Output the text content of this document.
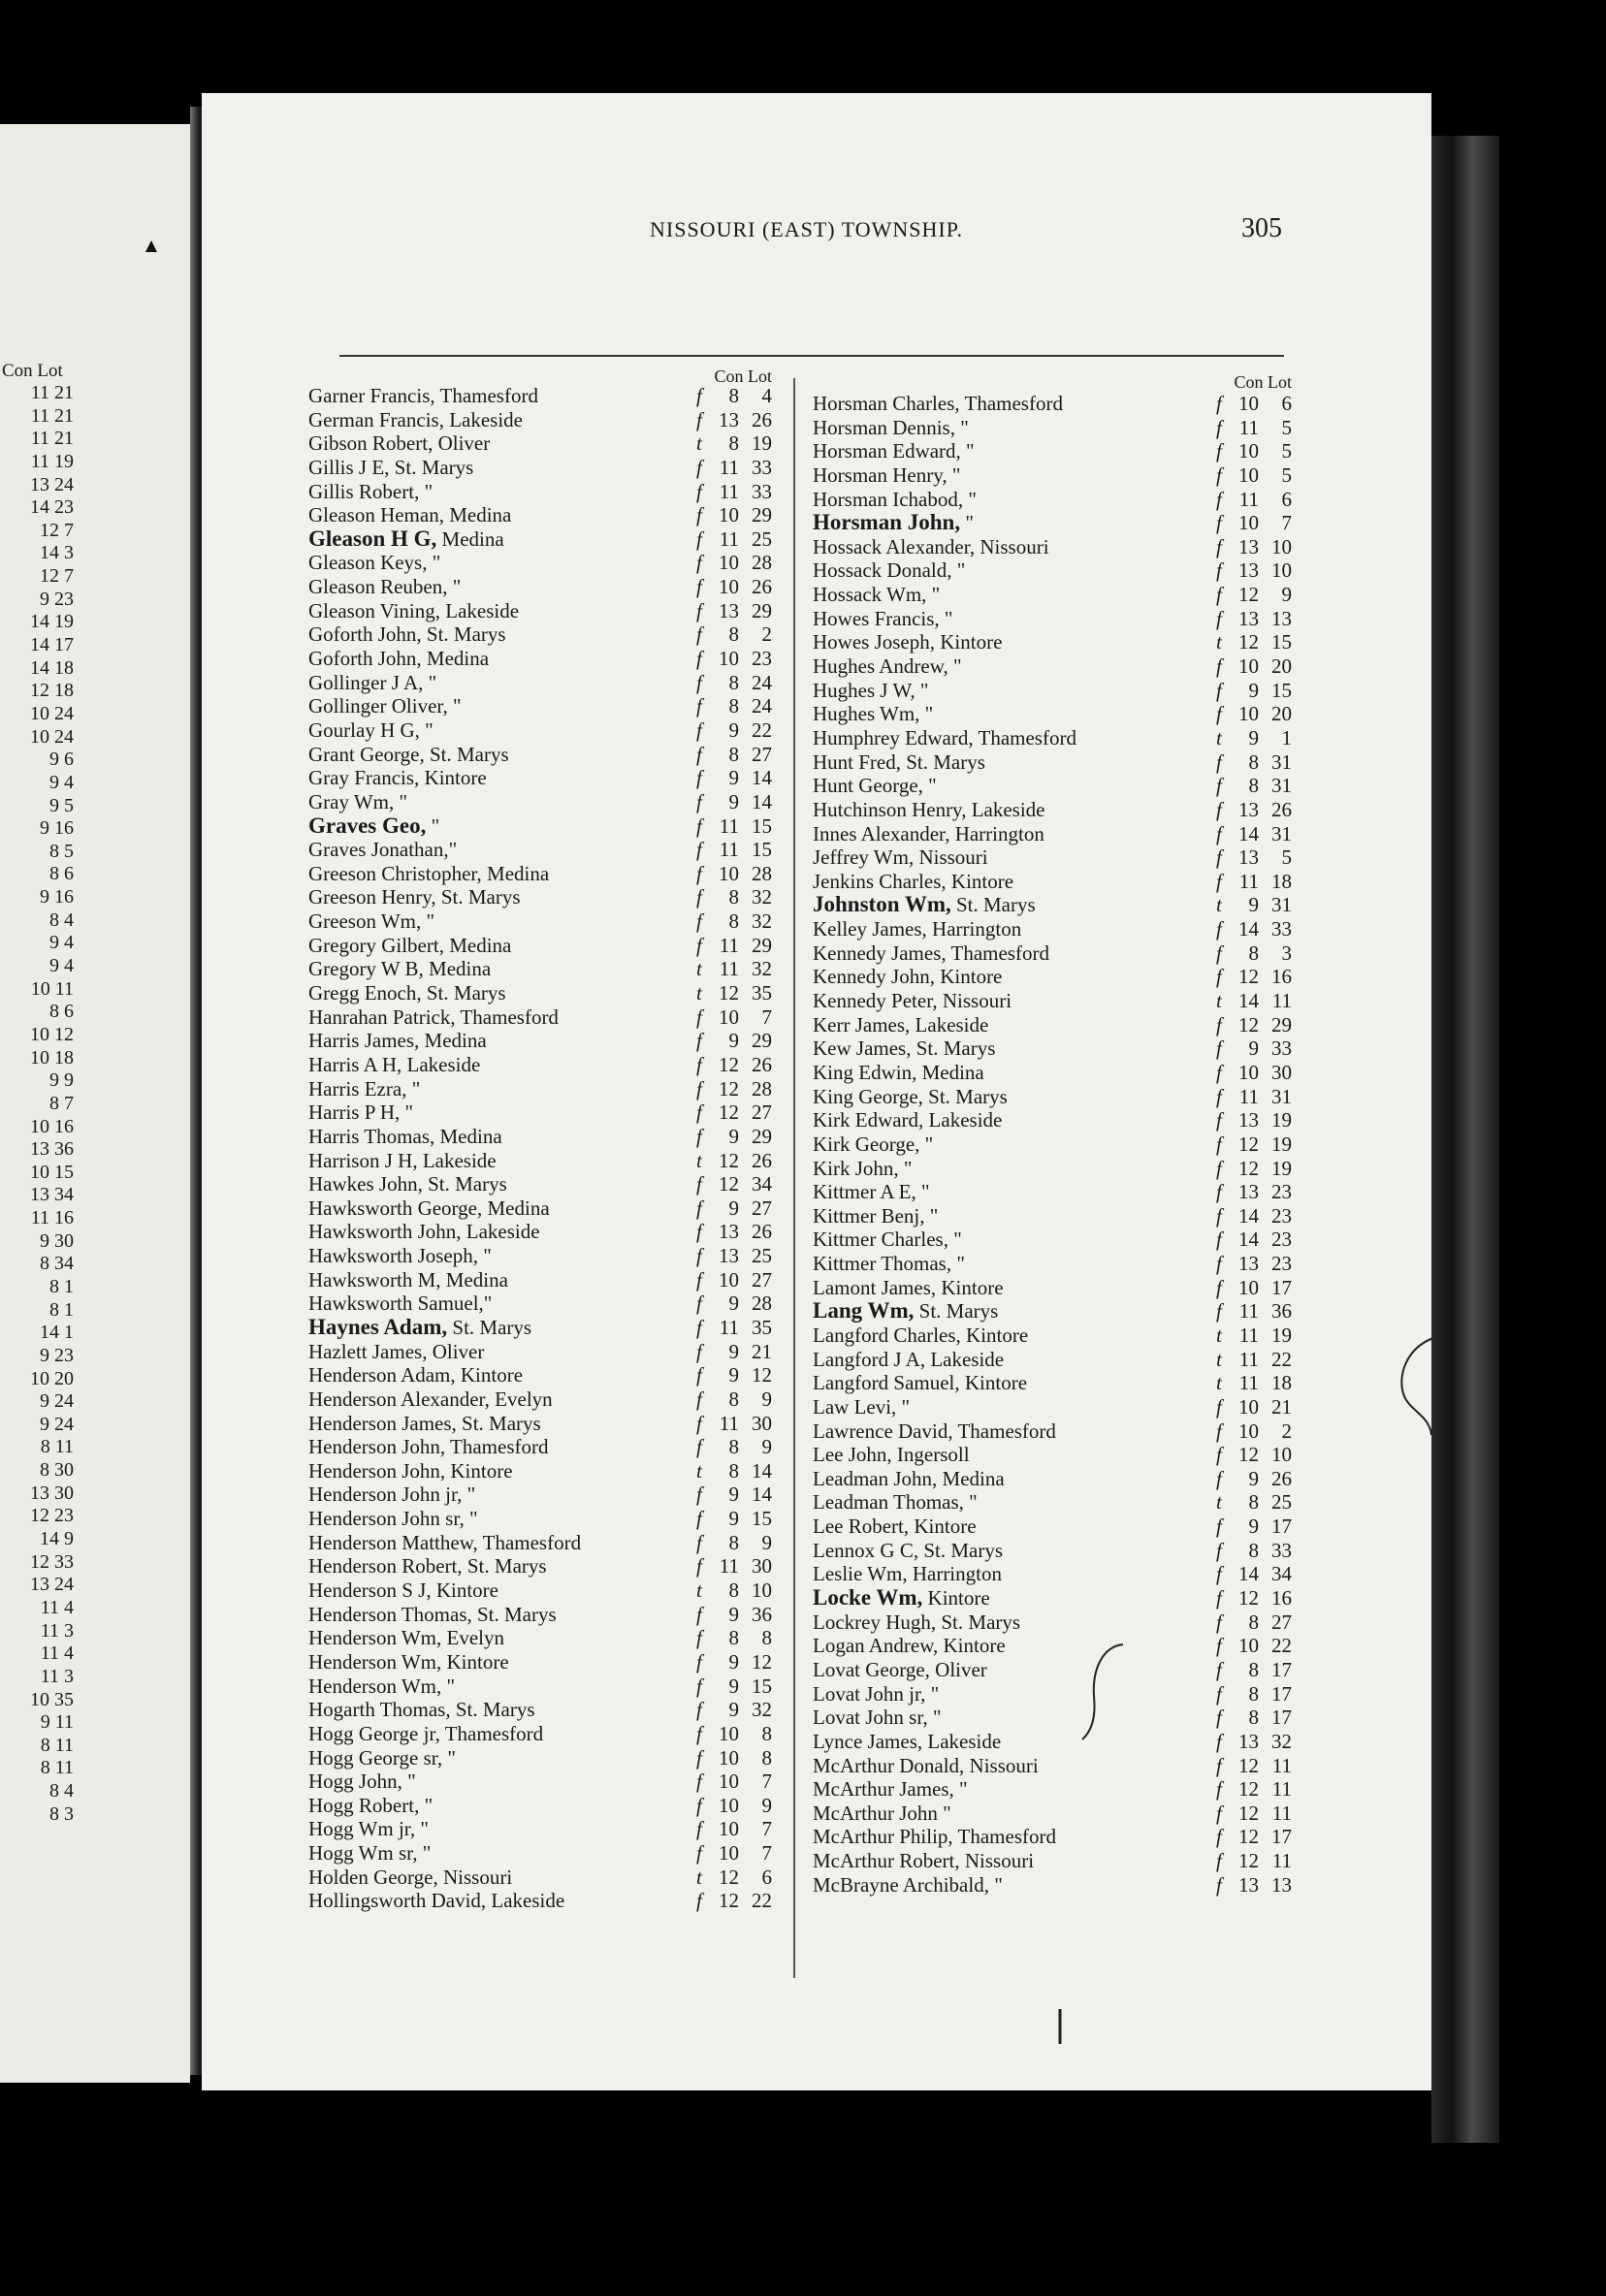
Con Lot
11 21
11 21
11 21
11 19
13 24
14 23
12 7
14 3
12 7
9 23
14 19
14 17
14 18
12 18
10 24
10 24
9 6
9 4
9 5
9 16
8 5
8 6
9 16
8 4
9 4
9 4
10 11
8 6
10 12
10 18
9 9
8 7
10 16
13 36
10 15
13 34
11 16
9 30
8 34
8 1
8 1
14 1
9 23
10 20
9 24
9 24
8 11
8 30
13 30
12 23
14 9
12 33
13 24
11 4
11 3
11 4
11 3
10 35
9 11
8 11
8 11
8 4
8 3
NISSOURI (EAST) TOWNSHIP.	305
Con Lot
Garner Francis, Thamesford	f	8	4
German Francis, Lakeside	f 13 26
Gibson Robert, Oliver	t	8 19
Gillis J E, St. Marys	f 11 33
Gillis Robert, "	f 11 33
Gleason Heman, Medina	f 10 29
Gleason H G, Medina	f 11 25
Gleason Keys, "	f 10 28
Gleason Reuben, "	f 10 26
Gleason Vining, Lakeside	f 13 29
Goforth John, St. Marys	f	8	2
Goforth John, Medina	f 10 23
Gollinger J A, "	f	8 24
Gollinger Oliver, "	f	8 24
Gourlay H G, "	f	9 22
Grant George, St. Marys	f	8 27
Gray Francis, Kintore	f	9 14
Gray Wm, "	f	9 14
Graves Geo, "	f 11 15
Graves Jonathan,"	f 11 15
Greeson Christopher, Medina	f 10 28
Greeson Henry, St. Marys	f	8 32
Greeson Wm, "	f	8 32
Gregory Gilbert, Medina	f 11 29
Gregory W B, Medina	t 11 32
Gregg Enoch, St. Marys	t 12 35
Hanrahan Patrick, Thamesford	f 10	7
Harris James, Medina	f	9 29
Harris A H, Lakeside	f 12 26
Harris Ezra, "	f 12 28
Harris P H, "	f 12 27
Harris Thomas, Medina	f	9 29
Harrison J H, Lakeside	t 12 26
Hawkes John, St. Marys	f 12 34
Hawksworth George, Medina	f	9 27
Hawksworth John, Lakeside	f 13 26
Hawksworth Joseph, "	f 13 25
Hawksworth M, Medina	f 10 27
Hawksworth Samuel,"	f	9 28
Haynes Adam, St. Marys	f 11 35
Hazlett James, Oliver	f	9 21
Henderson Adam, Kintore	f	9 12
Henderson Alexander, Evelyn	f	8	9
Henderson James, St. Marys	f 11 30
Henderson John, Thamesford	f	8	9
Henderson John, Kintore	t	8 14
Henderson John jr, "	f	9 14
Henderson John sr, "	f	9 15
Henderson Matthew, Thamesford	f	8	9
Henderson Robert, St. Marys	f 11 30
Henderson S J, Kintore	t	8 10
Henderson Thomas, St. Marys	f	9 36
Henderson Wm, Evelyn	f	8	8
Henderson Wm, Kintore	f	9 12
Henderson Wm, "	f	9 15
Hogarth Thomas, St. Marys	f	9 32
Hogg George jr, Thamesford	f 10	8
Hogg George sr, "	f 10	8
Hogg John, "	f 10	7
Hogg Robert, "	f 10	9
Hogg Wm jr, "	f 10	7
Hogg Wm sr, "	f 10	7
Holden George, Nissouri	t 12	6
Hollingsworth David, Lakeside	f 12 22
Con Lot
Horsman Charles, Thamesford	f 10	6
Horsman Dennis, "	f 11	5
Horsman Edward, "	f 10	5
Horsman Henry, "	f 10	5
Horsman Ichabod, "	f 11	6
Horsman John, "	f 10	7
Hossack Alexander, Nissouri	f 13 10
Hossack Donald, "	f 13 10
Hossack Wm, "	f 12	9
Howes Francis, "	f 13 13
Howes Joseph, Kintore	t 12 15
Hughes Andrew, "	f 10 20
Hughes J W, "	f	9 15
Hughes Wm, "	f 10 20
Humphrey Edward, Thamesford	t	9	1
Hunt Fred, St. Marys	f	8 31
Hunt George, "	f	8 31
Hutchinson Henry, Lakeside	f 13 26
Innes Alexander, Harrington	f 14 31
Jeffrey Wm, Nissouri	f 13	5
Jenkins Charles, Kintore	f 11 18
Johnston Wm, St. Marys	t	9 31
Kelley James, Harrington	f 14 33
Kennedy James, Thamesford	f	8	3
Kennedy John, Kintore	f 12 16
Kennedy Peter, Nissouri	t 14 11
Kerr James, Lakeside	f 12 29
Kew James, St. Marys	f	9 33
King Edwin, Medina	f 10 30
King George, St. Marys	f 11 31
Kirk Edward, Lakeside	f 13 19
Kirk George, "	f 12 19
Kirk John, "	f 12 19
Kittmer A E, "	f 13 23
Kittmer Benj, "	f 14 23
Kittmer Charles, "	f 14 23
Kittmer Thomas, "	f 13 23
Lamont James, Kintore	f 10 17
Lang Wm, St. Marys	f 11 36
Langford Charles, Kintore	t 11 19
Langford J A, Lakeside	t 11 22
Langford Samuel, Kintore	t 11 18
Law Levi, "	f 10 21
Lawrence David, Thamesford	f 10	2
Lee John, Ingersoll	f 12 10
Leadman John, Medina	f	9 26
Leadman Thomas, "	t	8 25
Lee Robert, Kintore	f	9 17
Lennox G C, St. Marys	f	8 33
Leslie Wm, Harrington	f 14 34
Locke Wm, Kintore	f 12 16
Lockrey Hugh, St. Marys	f	8 27
Logan Andrew, Kintore	f 10 22
Lovat George, Oliver	f	8 17
Lovat John jr, "	f	8 17
Lovat John sr, "	f	8 17
Lynce James, Lakeside	f 13 32
McArthur Donald, Nissouri	f 12 11
McArthur James, "	f 12 11
McArthur John "	f 12 11
McArthur Philip, Thamesford	f 12 17
McArthur Robert, Nissouri	f 12 11
McBrayne Archibald, "	f 13 13
